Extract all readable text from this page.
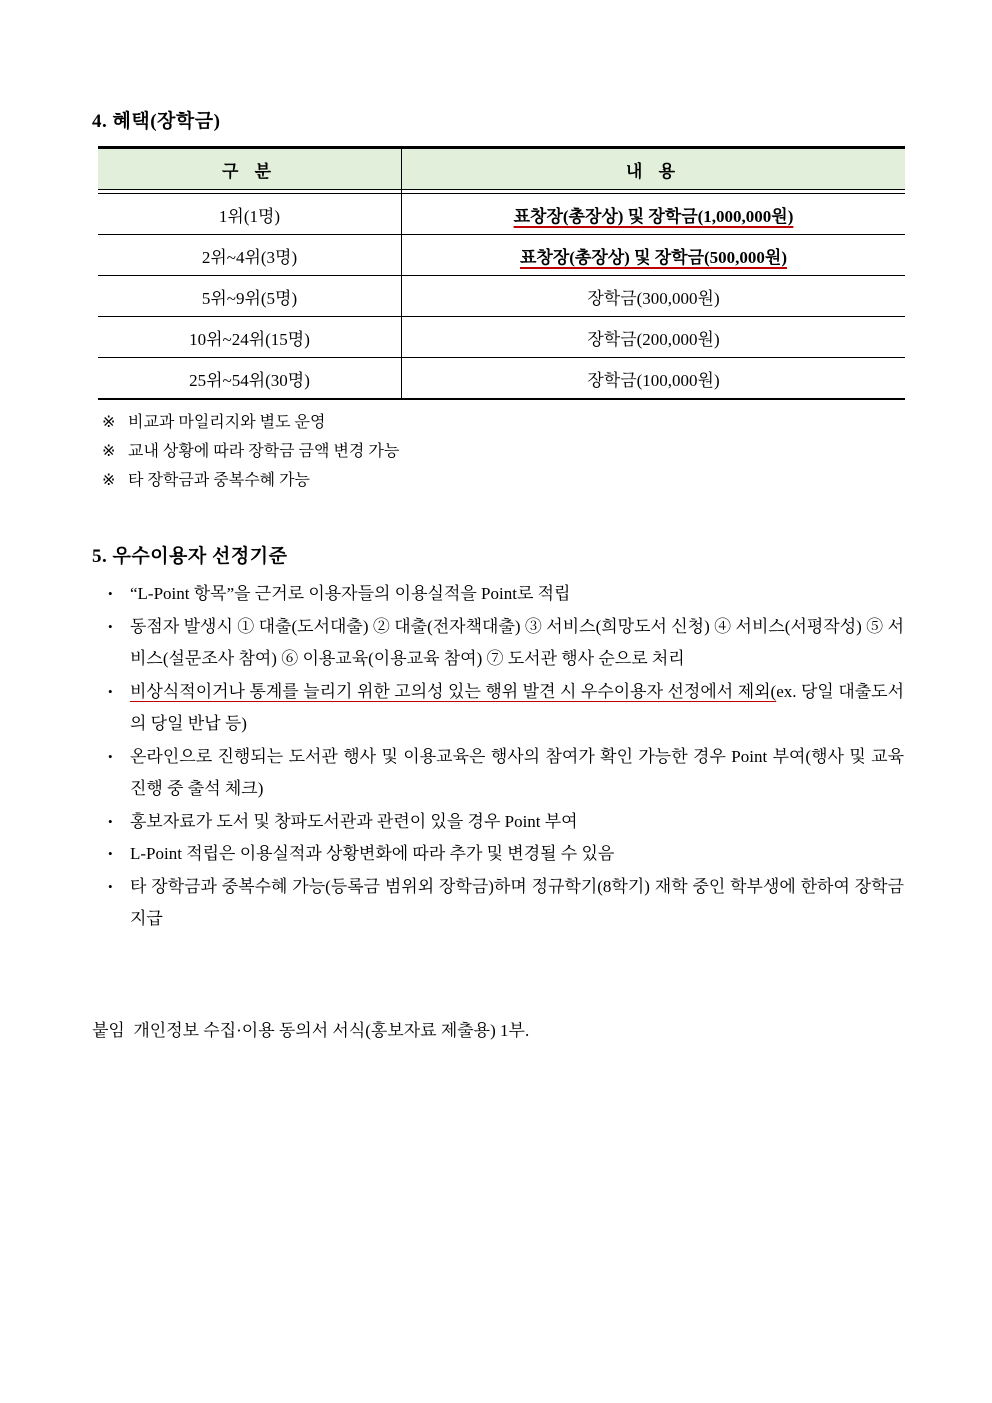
4. 혜택(장학금)
구 분	내 용
1위(1명)	표창장(총장상) 및 장학금(1,000,000원)
2위~4위(3명)	표창장(총장상) 및 장학금(500,000원)
5위~9위(5명)	장학금(300,000원)
10위~24위(15명)	장학금(200,000원)
25위~54위(30명)	장학금(100,000원)
※ 비교과 마일리지와 별도 운영
※ 교내 상황에 따라 장학금 금액 변경 가능
※ 타 장학금과 중복수혜 가능
5. 우수이용자 선정기준
•	“L-Point 항목”을 근거로 이용자들의 이용실적을 Point로 적립
•	동점자 발생시 ① 대출(도서대출) ② 대출(전자책대출) ③ 서비스(희망도서 신청) ④ 서비스(서평작성) ⑤ 서비스(설문조사 참여) ⑥ 이용교육(이용교육 참여) ⑦ 도서관 행사 순으로 처리
•	비상식적이거나 통계를 늘리기 위한 고의성 있는 행위 발견 시 우수이용자 선정에서 제외(ex. 당일 대출도서의 당일 반납 등)
•	온라인으로 진행되는 도서관 행사 및 이용교육은 행사의 참여가 확인 가능한 경우 Point 부여(행사 및 교육 진행 중 출석 체크)
•	홍보자료가 도서 및 창파도서관과 관련이 있을 경우 Point 부여
•	L-Point 적립은 이용실적과 상황변화에 따라 추가 및 변경될 수 있음
•	타 장학금과 중복수혜 가능(등록금 범위외 장학금)하며 정규학기(8학기) 재학 중인 학부생에 한하여 장학금 지급

붙임  개인정보 수집·이용 동의서 서식(홍보자료 제출용) 1부.
